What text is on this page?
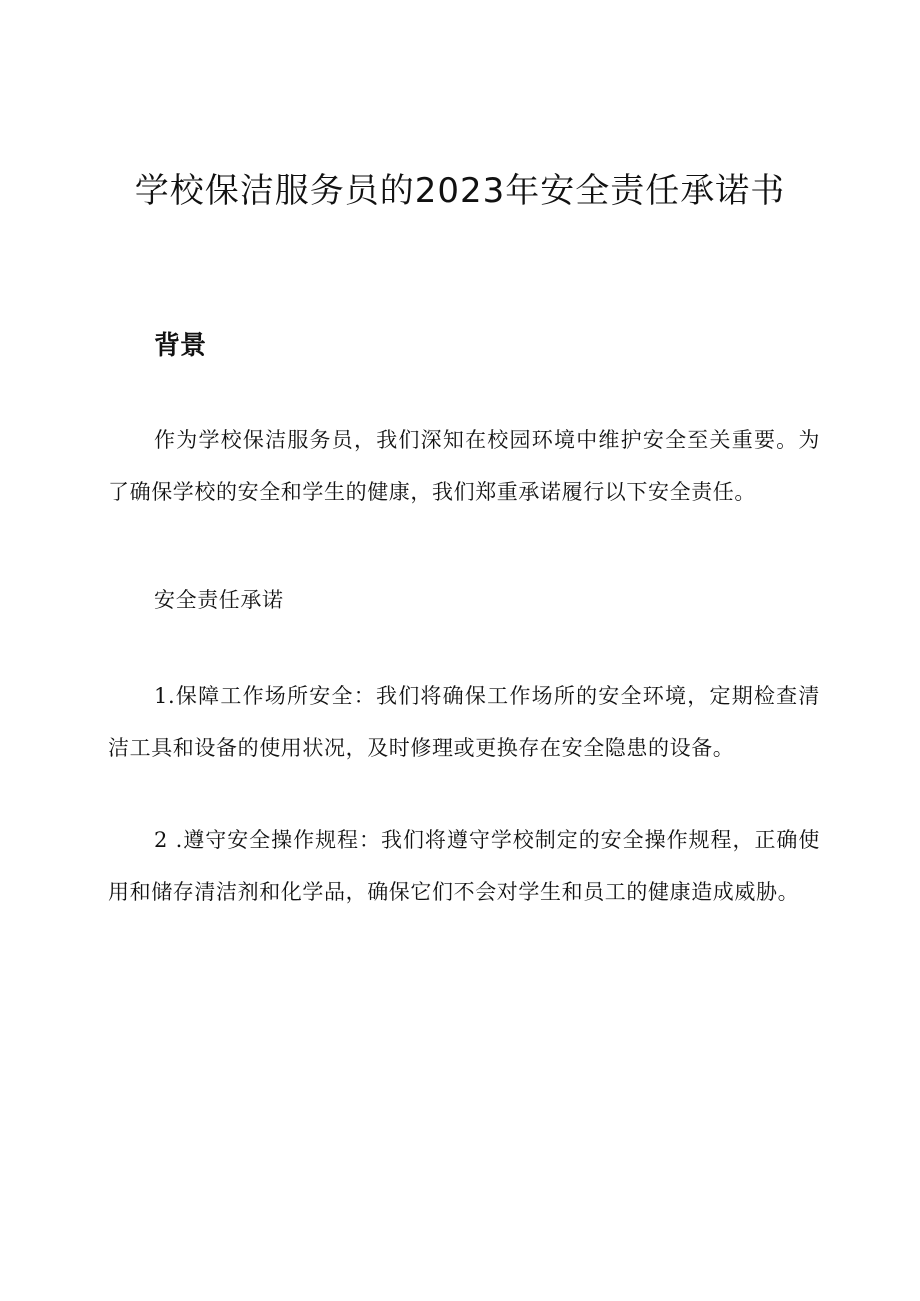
学校保洁服务员的2023年安全责任承诺书
背景

作为学校保洁服务员，我们深知在校园环境中维护安全至关重要。为了确保学校的安全和学生的健康，我们郑重承诺履行以下安全责任。

安全责任承诺

1.保障工作场所安全：我们将确保工作场所的安全环境，定期检查清洁工具和设备的使用状况，及时修理或更换存在安全隐患的设备。

2 .遵守安全操作规程：我们将遵守学校制定的安全操作规程，正确使用和储存清洁剂和化学品，确保它们不会对学生和员工的健康造成威胁。
